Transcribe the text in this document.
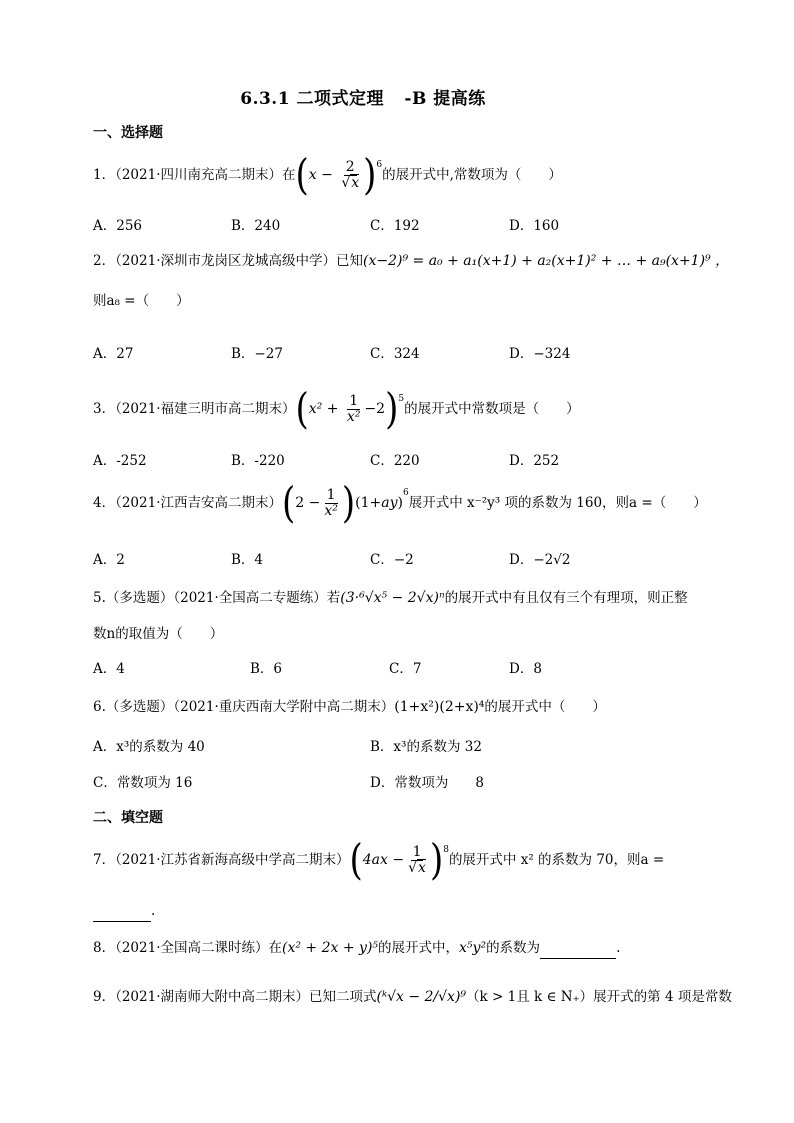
6.3.1 二项式定理 -B 提高练
一、选择题
1．（2021·四川南充高二期末）在 ( $x - \frac{2}{√x}$ ) 6
的展开式中,常数项为（　　）
A．256	B．240	C．192	D．160
2．（2021·深圳市龙岗区龙城高级中学）已知(x−2)⁹ = a₀ + a₁(x+1) + a₂(x+1)² + … + a₉(x+1)⁹ ，
则a₈ =（　　）
A．27	B．−27	C．324	D．−324
3．（2021·福建三明市高二期末） ( $x^2 + \frac{1}{\text{x²}} -2$ ) 5
的展开式中常数项是（　　）
A．-252	B．-220	C．220	D．252
4．（2021·江西吉安高二期末） ( $2 - \frac{1}{\text{x²}}$ ) (1+ay)
6
展开式中 x⁻²y³ 项的系数为 160，则a =（　　）
A．2	B．4	C．−2	D．−2√2
5.（多选题）（2021·全国高二专题练）若(3·⁶√x⁵ − 2√x)ⁿ的展开式中有且仅有三个有理项，则正整
数n的取值为（　　）
A．4	B．6	C．7	D．8
6.（多选题）（2021·重庆西南大学附中高二期末）(1+x²)(2+x)⁴的展开式中（　　）
A．x³的系数为 40	B．x³的系数为 32
C．常数项为 16	D．常数项为　　8
二、填空题
7．（2021·江苏省新海高级中学高二期末） ( $4ax - \frac{1}{√x}$ ) 8
的展开式中 x² 的系数为 70，则a =
.
8．（2021·全国高二课时练）在(x² + 2x + y)⁵的展开式中，x⁵y²的系数为	.
9．（2021·湖南师大附中高二期末）已知二项式(ᵏ√x − 2/√x)⁹（k > 1且 k ∈ N₊）展开式的第 4 项是常数
